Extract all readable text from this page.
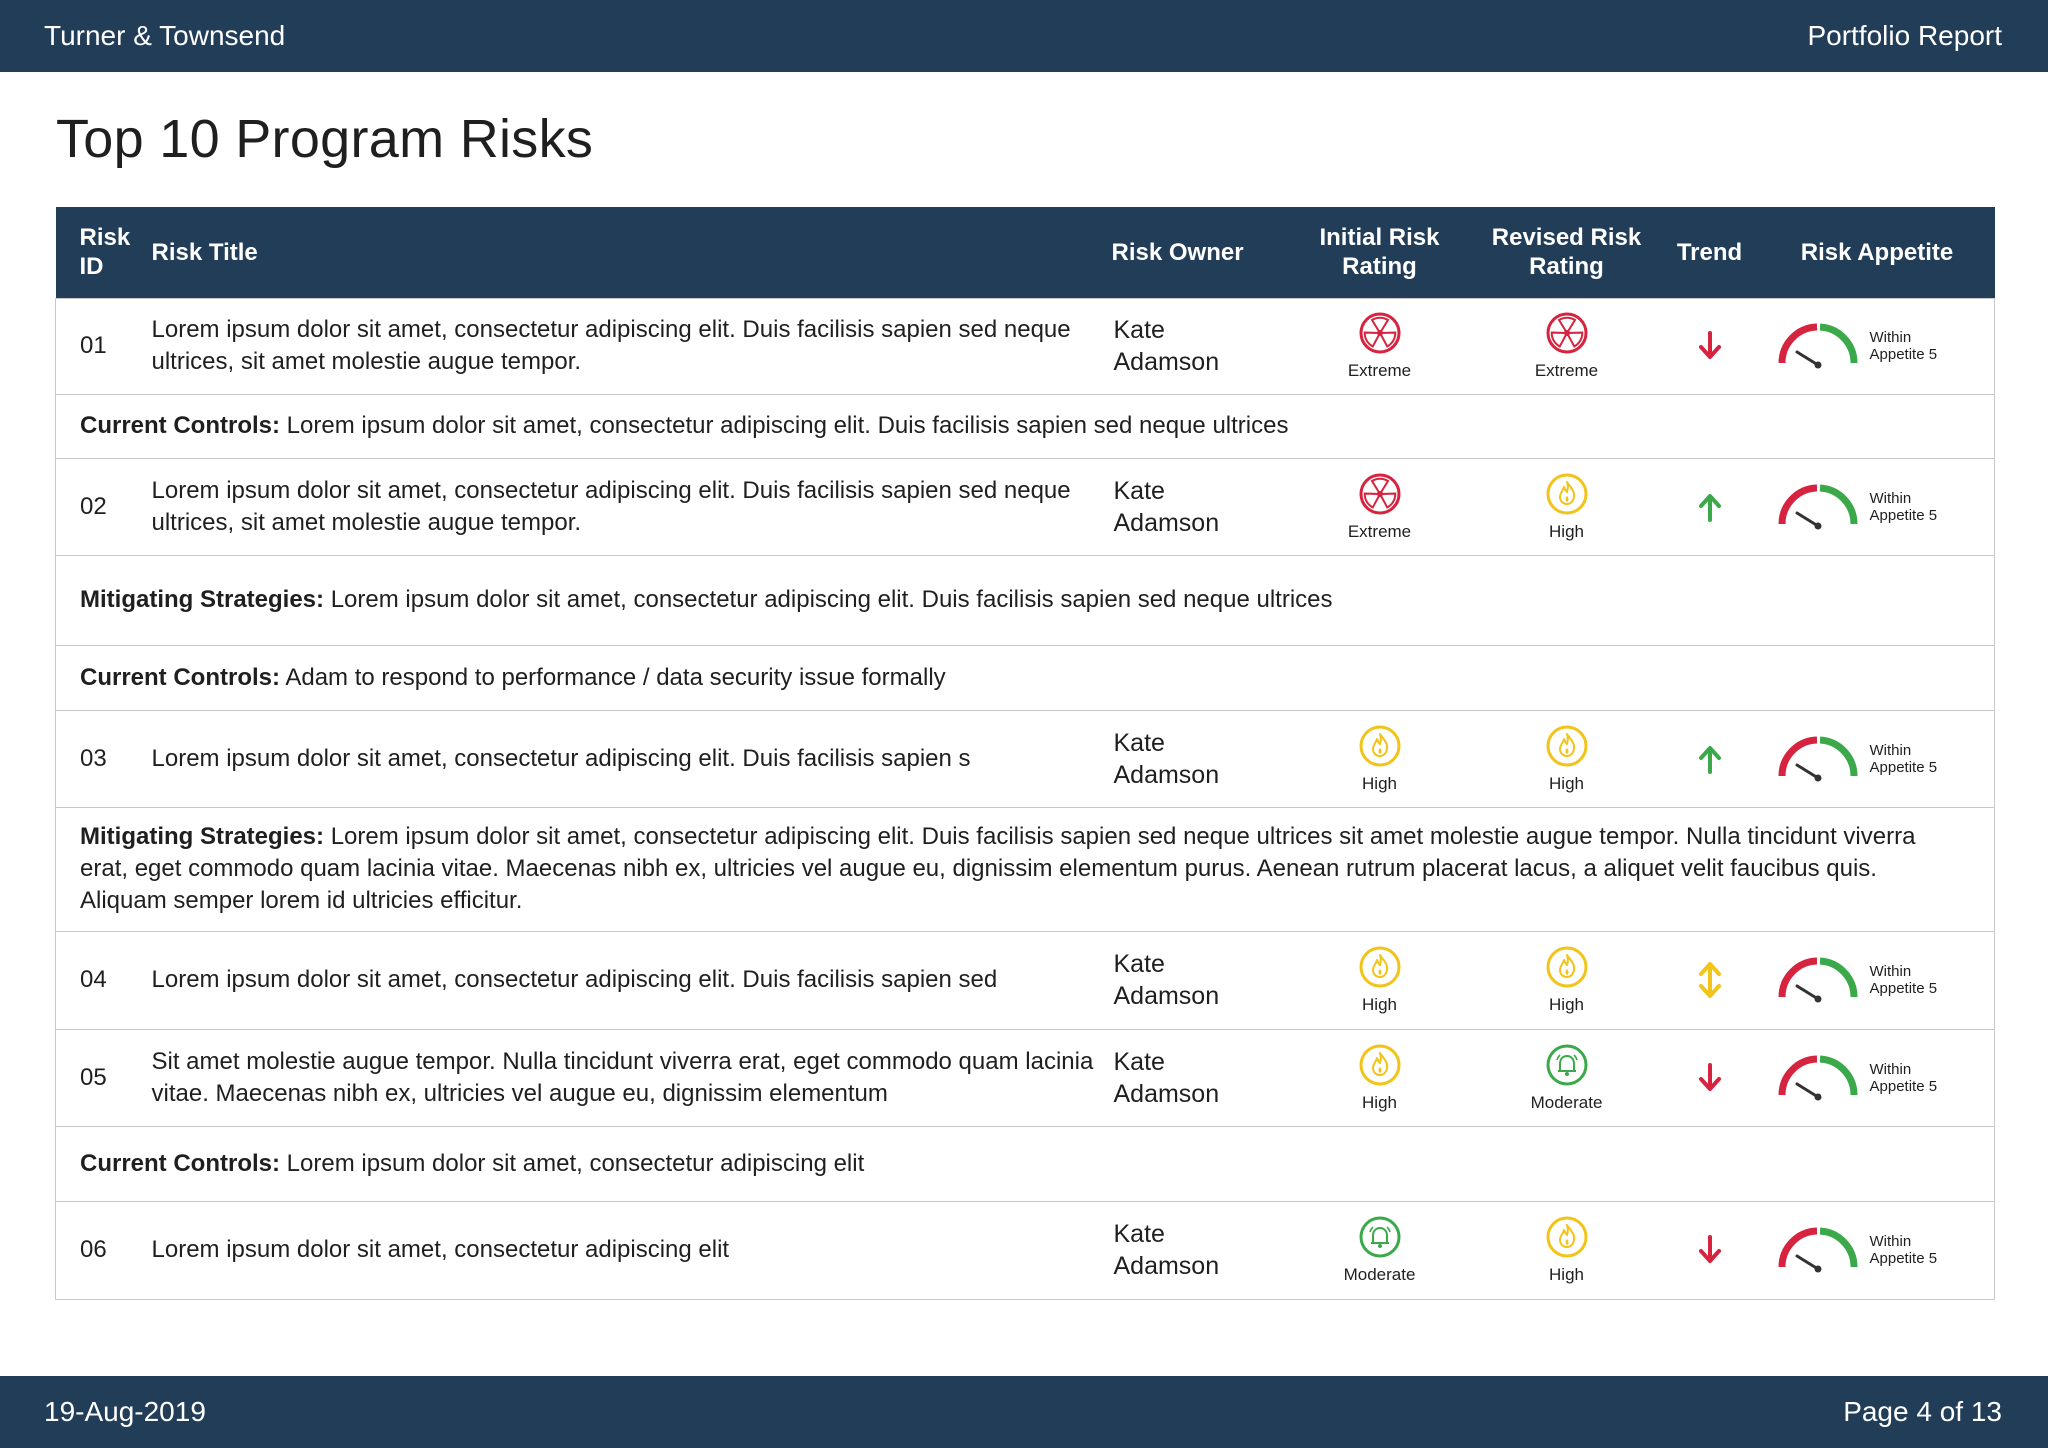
Turner & Townsend	Portfolio Report
Top 10 Program Risks
Risk ID	Risk Title	Risk Owner	Initial Risk Rating	Revised Risk Rating	Trend	Risk Appetite
01	Lorem ipsum dolor sit amet, consectetur adipiscing elit. Duis facilisis sapien sed neque ultrices, sit amet molestie augue tempor.	Kate Adamson	Extreme	Extreme		Within Appetite 5

Current Controls: Lorem ipsum dolor sit amet, consectetur adipiscing elit. Duis facilisis sapien sed neque ultrices						
02	Lorem ipsum dolor sit amet, consectetur adipiscing elit. Duis facilisis sapien sed neque ultrices, sit amet molestie augue tempor.	Kate Adamson	Extreme	High		Within Appetite 5

Mitigating Strategies: Lorem ipsum dolor sit amet, consectetur adipiscing elit. Duis facilisis sapien sed neque ultrices						
Current Controls: Adam to respond to performance / data security issue formally						
03	Lorem ipsum dolor sit amet, consectetur adipiscing elit. Duis facilisis sapien s	Kate Adamson	High	High		Within Appetite 5

Mitigating Strategies: Lorem ipsum dolor sit amet, consectetur adipiscing elit. Duis facilisis sapien sed neque ultrices sit amet molestie augue tempor. Nulla tincidunt viverra erat, eget commodo quam lacinia vitae. Maecenas nibh ex, ultricies vel augue eu, dignissim elementum purus. Aenean rutrum placerat lacus, a aliquet velit faucibus quis. Aliquam semper lorem id ultricies efficitur.						
04	Lorem ipsum dolor sit amet, consectetur adipiscing elit. Duis facilisis sapien sed	Kate Adamson	High	High		Within Appetite 5

05	Sit amet molestie augue tempor. Nulla tincidunt viverra erat, eget commodo quam lacinia vitae. Maecenas nibh ex, ultricies vel augue eu, dignissim elementum	Kate Adamson	High	Moderate		Within Appetite 5

Current Controls: Lorem ipsum dolor sit amet, consectetur adipiscing elit						
06	Lorem ipsum dolor sit amet, consectetur adipiscing elit	Kate Adamson	Moderate	High		Within Appetite 5
19-Aug-2019	Page 4 of 13
